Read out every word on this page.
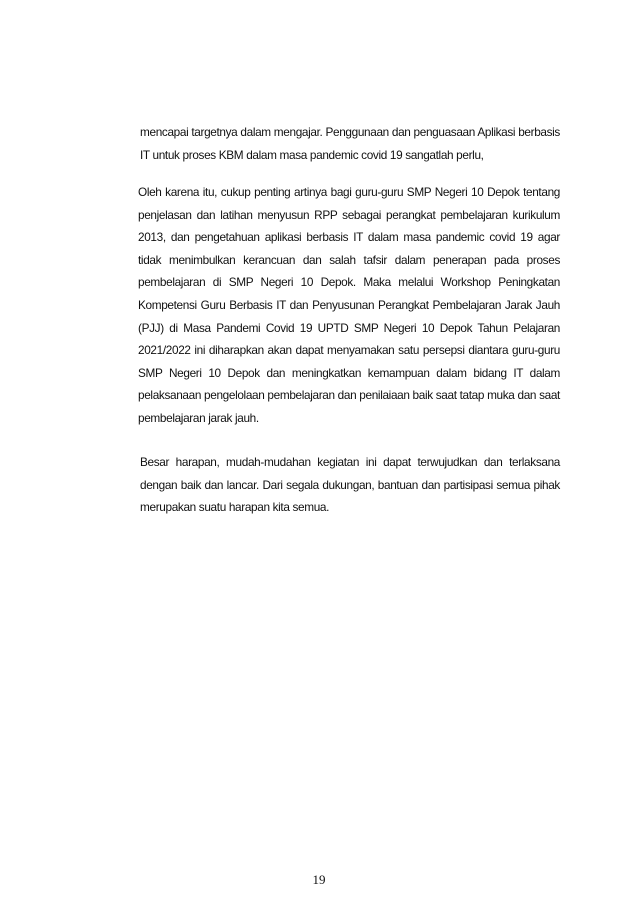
mencapai targetnya dalam mengajar. Penggunaan dan penguasaan Aplikasi berbasis IT untuk proses KBM dalam masa pandemic covid 19 sangatlah perlu,

Oleh karena itu, cukup penting artinya bagi guru-guru SMP Negeri 10 Depok tentang penjelasan dan latihan menyusun RPP sebagai perangkat pembelajaran kurikulum 2013, dan pengetahuan aplikasi berbasis IT dalam masa pandemic covid 19 agar tidak menimbulkan kerancuan dan salah tafsir dalam penerapan pada proses pembelajaran di SMP Negeri 10 Depok. Maka melalui Workshop Peningkatan Kompetensi Guru Berbasis IT dan Penyusunan Perangkat Pembelajaran Jarak Jauh (PJJ) di Masa Pandemi Covid 19 UPTD SMP Negeri 10 Depok Tahun Pelajaran 2021/2022 ini diharapkan akan dapat menyamakan satu persepsi diantara guru-guru SMP Negeri 10 Depok dan meningkatkan kemampuan dalam bidang IT dalam pelaksanaan pengelolaan pembelajaran dan penilaiaan baik saat tatap muka dan saat pembelajaran jarak jauh.

Besar harapan, mudah-mudahan kegiatan ini dapat terwujudkan dan terlaksana dengan baik dan lancar. Dari segala dukungan, bantuan dan partisipasi semua pihak merupakan suatu harapan kita semua.

19
